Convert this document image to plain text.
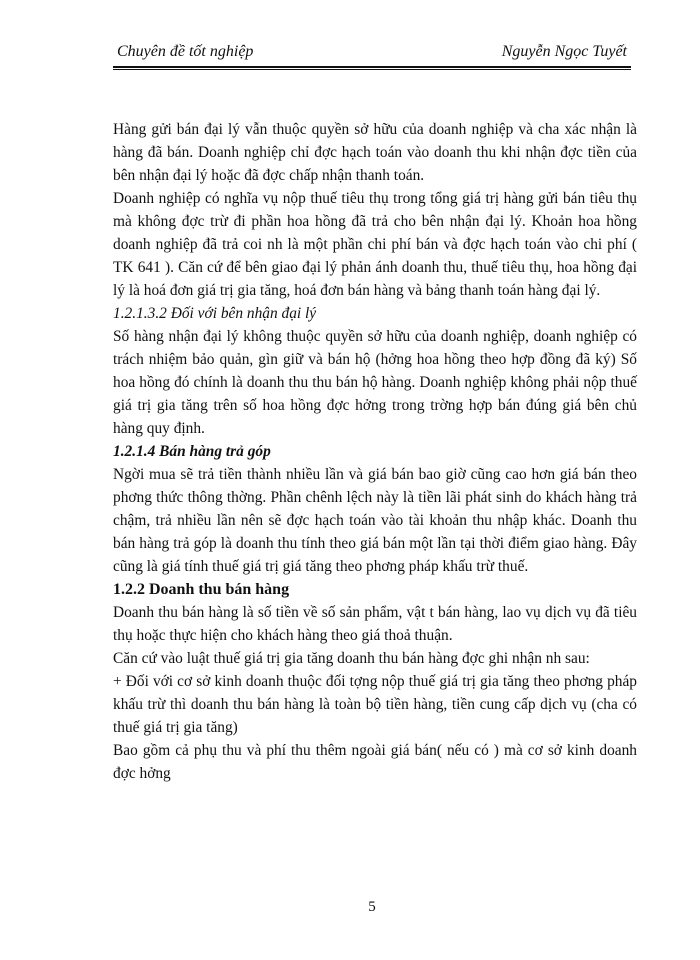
Chuyên đề tốt nghiệp	Nguyễn Ngọc Tuyết

Hàng gửi bán đại lý vẫn thuộc quyền sở hữu của doanh nghiệp và cha xác nhận là hàng đã bán. Doanh nghiệp chỉ đợc hạch toán vào doanh thu khi nhận đợc tiền của bên nhận đại lý hoặc đã đợc chấp nhận thanh toán.

Doanh nghiệp có nghĩa vụ nộp thuế tiêu thụ trong tổng giá trị hàng gửi bán tiêu thụ mà không đợc trừ đi phần hoa hồng đã trả cho bên nhận đại lý. Khoản hoa hồng doanh nghiệp đã trả coi nh là một phần chi phí bán và đợc hạch toán vào chi phí ( TK 641 ). Căn cứ để bên giao đại lý phản ánh doanh thu, thuế tiêu thụ, hoa hồng đại lý là hoá đơn giá trị gia tăng, hoá đơn bán hàng và bảng thanh toán hàng đại lý.

1.2.1.3.2 Đối với bên nhận đại lý

Số hàng nhận đại lý không thuộc quyền sở hữu của doanh nghiệp, doanh nghiệp có trách nhiệm bảo quản, gìn giữ và bán hộ (hởng hoa hồng theo hợp đồng đã ký) Số hoa hồng đó chính là doanh thu thu bán hộ hàng. Doanh nghiệp không phải nộp thuế giá trị gia tăng trên số hoa hồng đợc hởng trong trờng hợp bán đúng giá bên chủ hàng quy định.

1.2.1.4 Bán hàng trả góp

Ngời mua sẽ trả tiền thành nhiều lần và giá bán bao giờ cũng cao hơn giá bán theo phơng thức thông thờng. Phần chênh lệch này là tiền lãi phát sinh do khách hàng trả chậm, trả nhiều lần nên sẽ đợc hạch toán vào tài khoản thu nhập khác. Doanh thu bán hàng trả góp là doanh thu tính theo giá bán một lần tại thời điểm giao hàng. Đây cũng là giá tính thuế giá trị giá tăng theo phơng pháp khấu trừ thuế.

1.2.2 Doanh thu bán hàng

Doanh thu bán hàng là số tiền về số sản phẩm, vật t bán hàng, lao vụ dịch vụ đã tiêu thụ hoặc thực hiện cho khách hàng theo giá thoả thuận.

Căn cứ vào luật thuế giá trị gia tăng doanh thu bán hàng đợc ghi nhận nh sau:

+ Đối với cơ sở kinh doanh thuộc đối tợng nộp thuế giá trị gia tăng theo phơng pháp khấu trừ thì doanh thu bán hàng là toàn bộ tiền hàng, tiền cung cấp dịch vụ (cha có thuế giá trị gia tăng)

Bao gồm cả phụ thu và phí thu thêm ngoài giá bán( nếu có ) mà cơ sở kinh doanh đợc hởng

5
